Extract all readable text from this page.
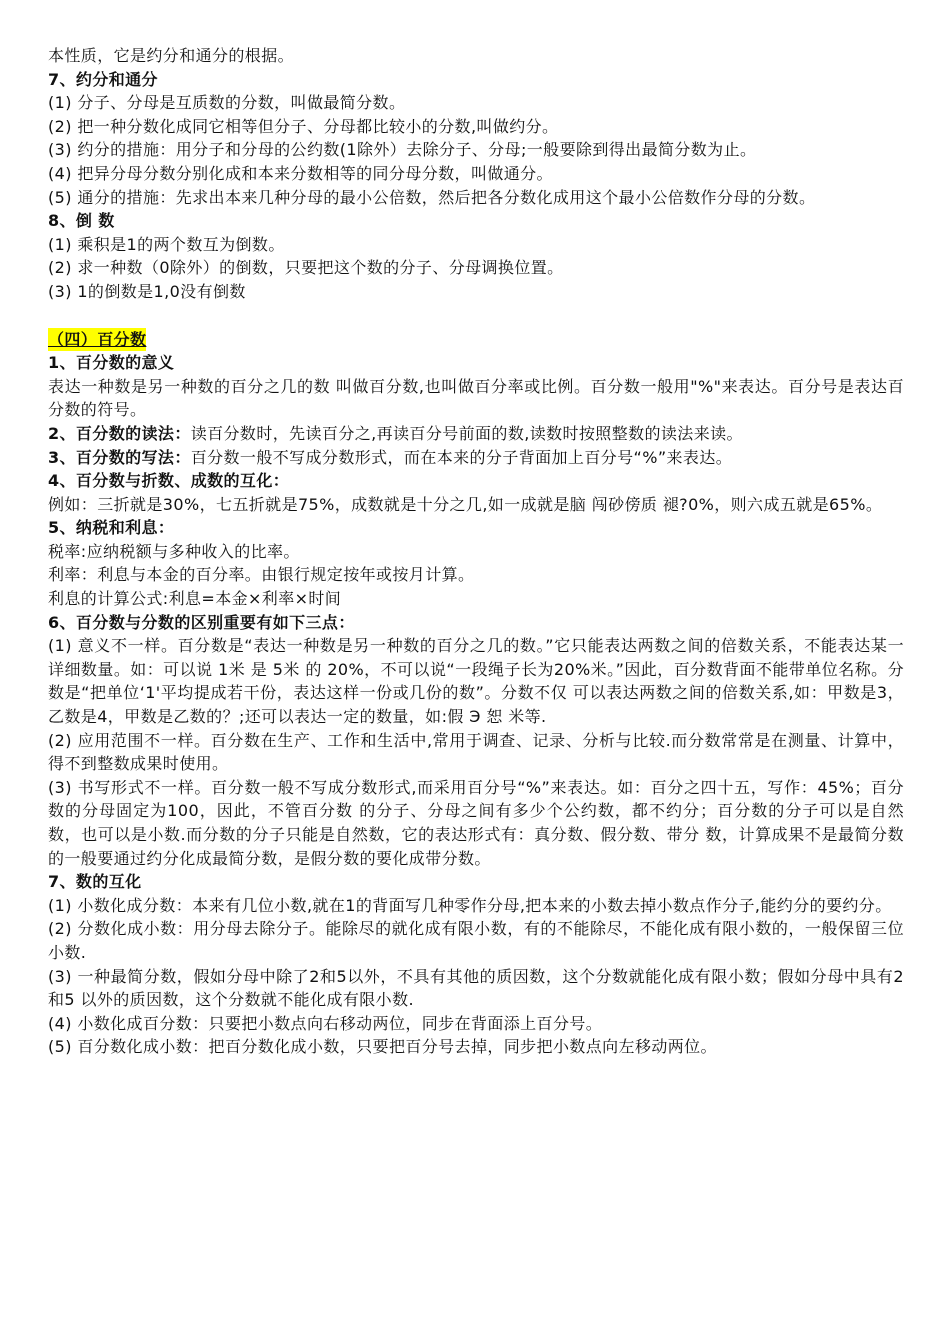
本性质，它是约分和通分的根据。

7、约分和通分

(1) 分子、分母是互质数的分数，叫做最简分数。

(2) 把一种分数化成同它相等但分子、分母都比较小的分数,叫做约分。

(3) 约分的措施：用分子和分母的公约数(1除外）去除分子、分母;一般要除到得出最简分数为止。

(4) 把异分母分数分别化成和本来分数相等的同分母分数，叫做通分。

(5) 通分的措施：先求出本来几种分母的最小公倍数，然后把各分数化成用这个最小公倍数作分母的分数。

8、倒 数

(1) 乘积是1的两个数互为倒数。

(2) 求一种数（0除外）的倒数，只要把这个数的分子、分母调换位置。

(3) 1的倒数是1,0没有倒数

（四）百分数

1、百分数的意义

表达一种数是另一种数的百分之几的数 叫做百分数,也叫做百分率或比例。百分数一般用"%"来表达。百分号是表达百分数的符号。

2、百分数的读法：读百分数时，先读百分之,再读百分号前面的数,读数时按照整数的读法来读。

3、百分数的写法：百分数一般不写成分数形式，而在本来的分子背面加上百分号“%”来表达。

4、百分数与折数、成数的互化：

例如：三折就是30%，七五折就是75%，成数就是十分之几,如一成就是脑 闯砂傍质 褪?0%，则六成五就是65%。

5、纳税和利息：

税率:应纳税额与多种收入的比率。

利率：利息与本金的百分率。由银行规定按年或按月计算。

利息的计算公式:利息=本金×利率×时间

6、百分数与分数的区别重要有如下三点：

(1) 意义不一样。百分数是“表达一种数是另一种数的百分之几的数。”它只能表达两数之间的倍数关系，不能表达某一详细数量。如：可以说 1米 是 5米 的 20%，不可以说“一段绳子长为20%米。”因此，百分数背面不能带单位名称。分数是“把单位‘1'平均提成若干份，表达这样一份或几份的数”。分数不仅 可以表达两数之间的倍数关系,如：甲数是3，乙数是4，甲数是乙数的？;还可以表达一定的数量，如:假 Э 恕 米等.

(2) 应用范围不一样。百分数在生产、工作和生活中,常用于调查、记录、分析与比较.而分数常常是在测量、计算中，得不到整数成果时使用。

(3) 书写形式不一样。百分数一般不写成分数形式,而采用百分号“%”来表达。如：百分之四十五，写作：45%；百分数的分母固定为100，因此，不管百分数 的分子、分母之间有多少个公约数，都不约分；百分数的分子可以是自然数，也可以是小数.而分数的分子只能是自然数，它的表达形式有：真分数、假分数、带分 数，计算成果不是最简分数的一般要通过约分化成最简分数，是假分数的要化成带分数。

7、数的互化

(1) 小数化成分数：本来有几位小数,就在1的背面写几种零作分母,把本来的小数去掉小数点作分子,能约分的要约分。

(2) 分数化成小数：用分母去除分子。能除尽的就化成有限小数，有的不能除尽，不能化成有限小数的，一般保留三位小数.

(3) 一种最简分数，假如分母中除了2和5以外，不具有其他的质因数，这个分数就能化成有限小数；假如分母中具有2和5 以外的质因数，这个分数就不能化成有限小数.

(4) 小数化成百分数：只要把小数点向右移动两位，同步在背面添上百分号。

(5) 百分数化成小数：把百分数化成小数，只要把百分号去掉，同步把小数点向左移动两位。
